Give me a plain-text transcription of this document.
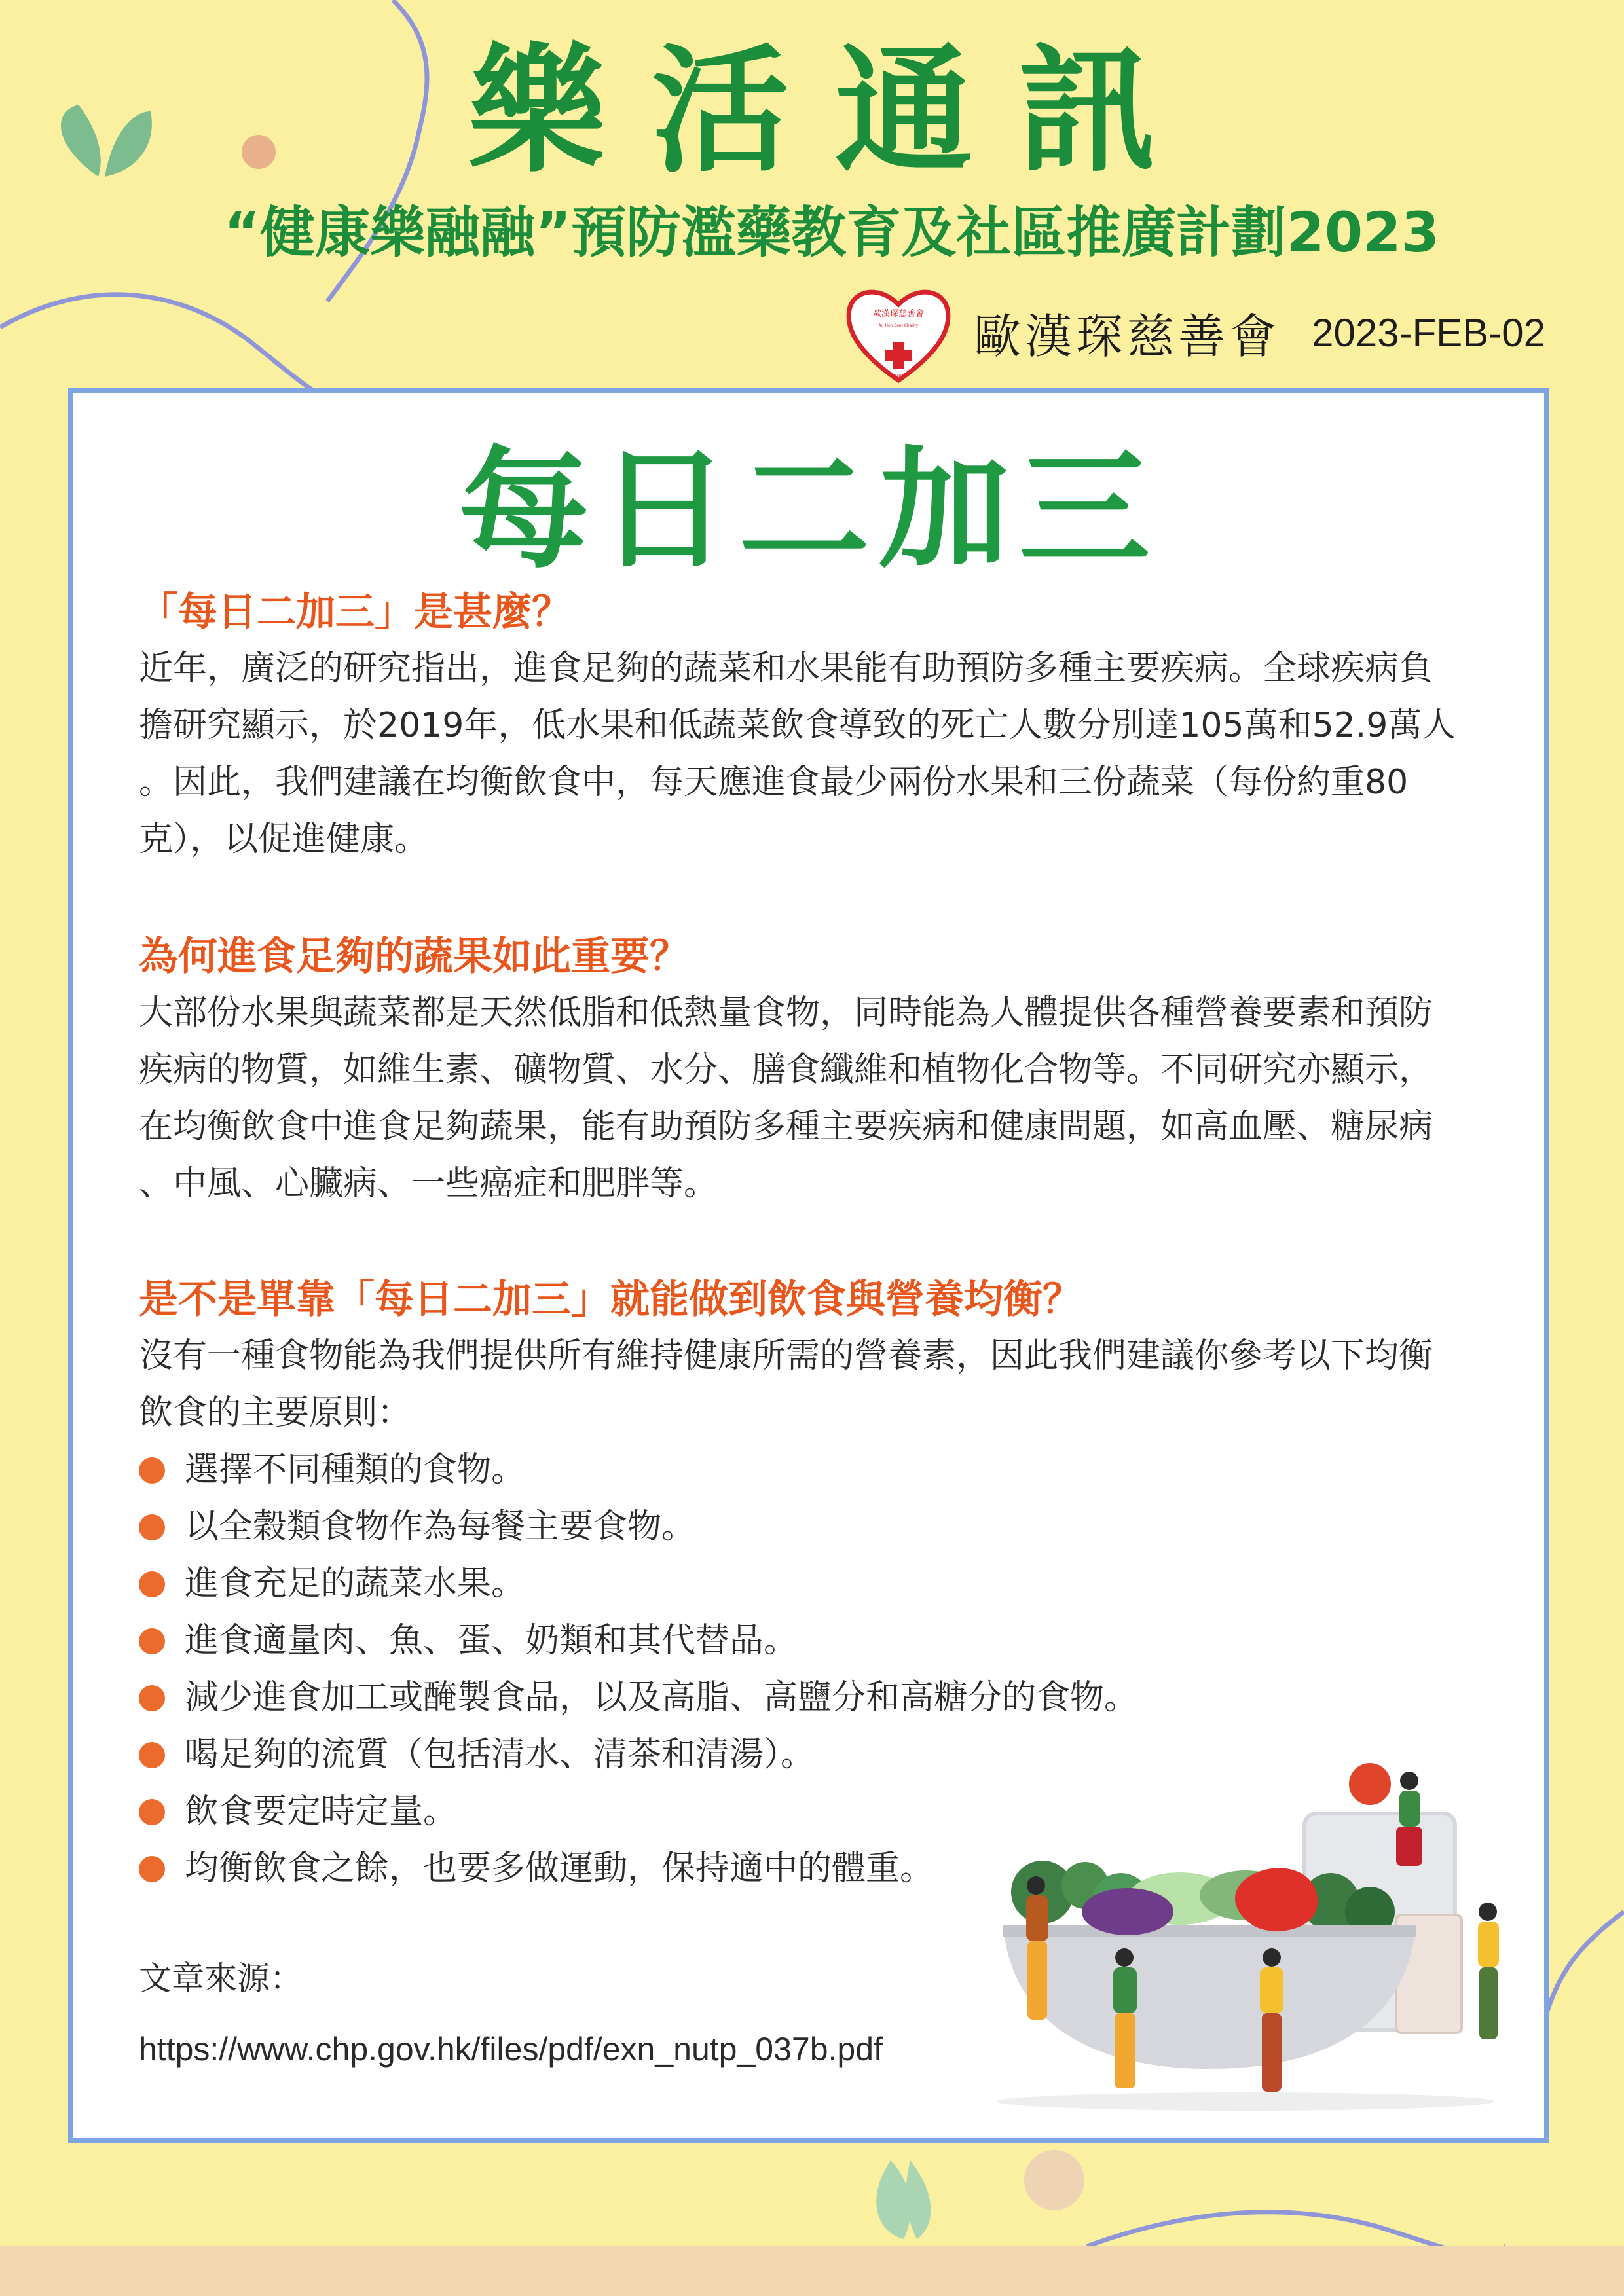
樂活通訊
“健康樂融融”預防濫藥教育及社區推廣計劃2023
歐漢琛慈善會
Au Hon Sam Charity
1988
歐漢琛慈善會 2023-FEB-02
每日二加三
「每日二加三」是甚麼？

近年，廣泛的研究指出，進食足夠的蔬菜和水果能有助預防多種主要疾病。全球疾病負

擔研究顯示，於2019年，低水果和低蔬菜飲食導致的死亡人數分別達105萬和52.9萬人

。因此，我們建議在均衡飲食中，每天應進食最少兩份水果和三份蔬菜（每份約重80

克），以促進健康。

為何進食足夠的蔬果如此重要？

大部份水果與蔬菜都是天然低脂和低熱量食物，同時能為人體提供各種營養要素和預防

疾病的物質，如維生素、礦物質、水分、膳食纖維和植物化合物等。不同研究亦顯示，

在均衡飲食中進食足夠蔬果，能有助預防多種主要疾病和健康問題，如高血壓、糖尿病

、中風、心臟病、一些癌症和肥胖等。

是不是單靠「每日二加三」就能做到飲食與營養均衡？

沒有一種食物能為我們提供所有維持健康所需的營養素，因此我們建議你參考以下均衡

飲食的主要原則：

選擇不同種類的食物。
以全穀類食物作為每餐主要食物。
進食充足的蔬菜水果。
進食適量肉、魚、蛋、奶類和其代替品。
減少進食加工或醃製食品，以及高脂、高鹽分和高糖分的食物。
喝足夠的流質（包括清水、清茶和清湯）。
飲食要定時定量。
均衡飲食之餘，也要多做運動，保持適中的體重。
文章來源：
https://www.chp.gov.hk/files/pdf/exn_nutp_037b.pdf
